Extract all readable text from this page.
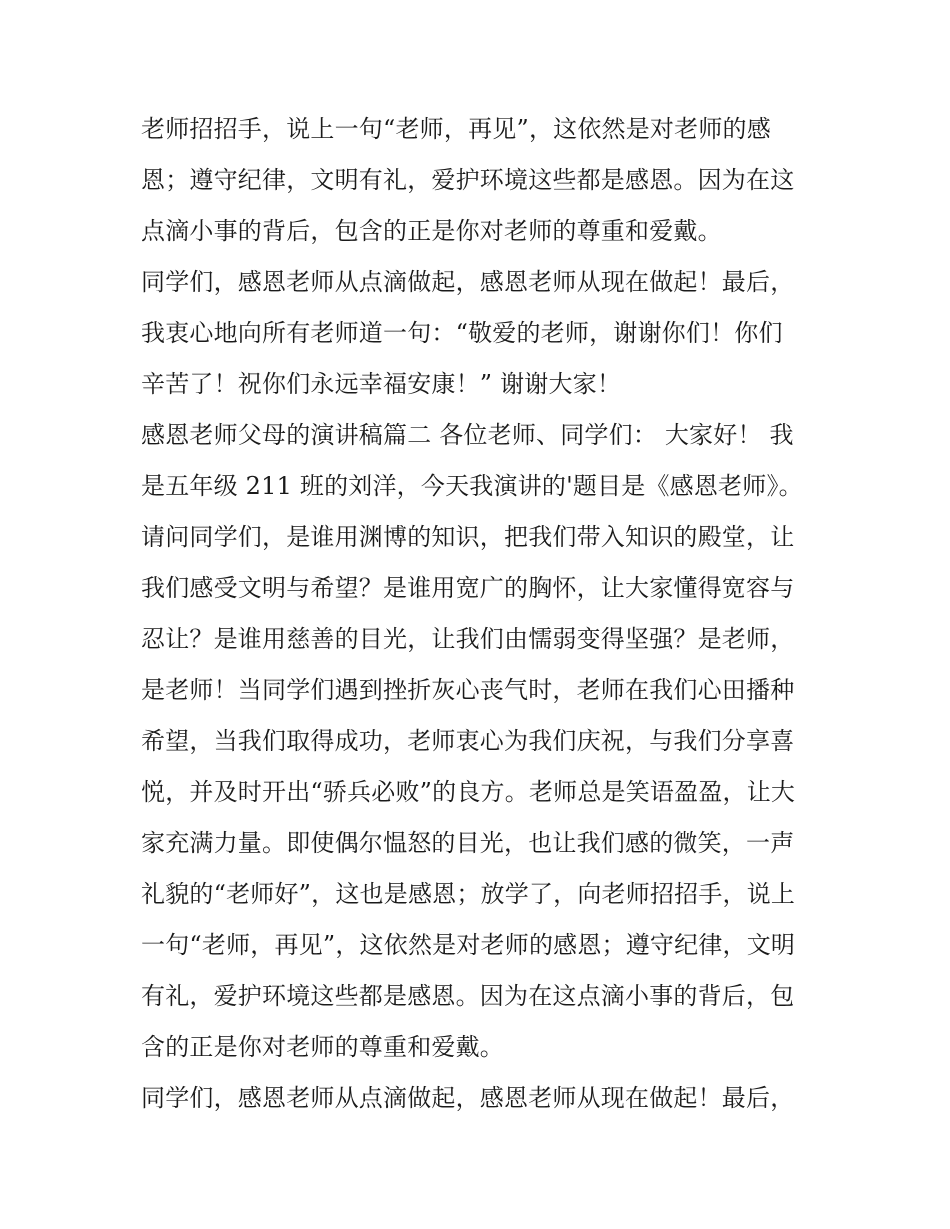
老师招招手，说上一句“老师，再见”，这依然是对老师的感
恩；遵守纪律，文明有礼，爱护环境这些都是感恩。因为在这
点滴小事的背后，包含的正是你对老师的尊重和爱戴。
同学们，感恩老师从点滴做起，感恩老师从现在做起！最后，
我衷心地向所有老师道一句：“敬爱的老师，谢谢你们！你们
辛苦了！祝你们永远幸福安康！” 谢谢大家！
感恩老师父母的演讲稿篇二 各位老师、同学们： 大家好！ 我
是五年级 211 班的刘洋，今天我演讲的'题目是《感恩老师》。
请问同学们，是谁用渊博的知识，把我们带入知识的殿堂，让
我们感受文明与希望？是谁用宽广的胸怀，让大家懂得宽容与
忍让？是谁用慈善的目光，让我们由懦弱变得坚强？是老师，
是老师！当同学们遇到挫折灰心丧气时，老师在我们心田播种
希望，当我们取得成功，老师衷心为我们庆祝，与我们分享喜
悦，并及时开出“骄兵必败”的良方。老师总是笑语盈盈，让大
家充满力量。即使偶尔愠怒的目光，也让我们感的微笑，一声
礼貌的“老师好”，这也是感恩；放学了，向老师招招手，说上
一句“老师，再见”，这依然是对老师的感恩；遵守纪律，文明
有礼，爱护环境这些都是感恩。因为在这点滴小事的背后，包
含的正是你对老师的尊重和爱戴。
同学们，感恩老师从点滴做起，感恩老师从现在做起！最后，
